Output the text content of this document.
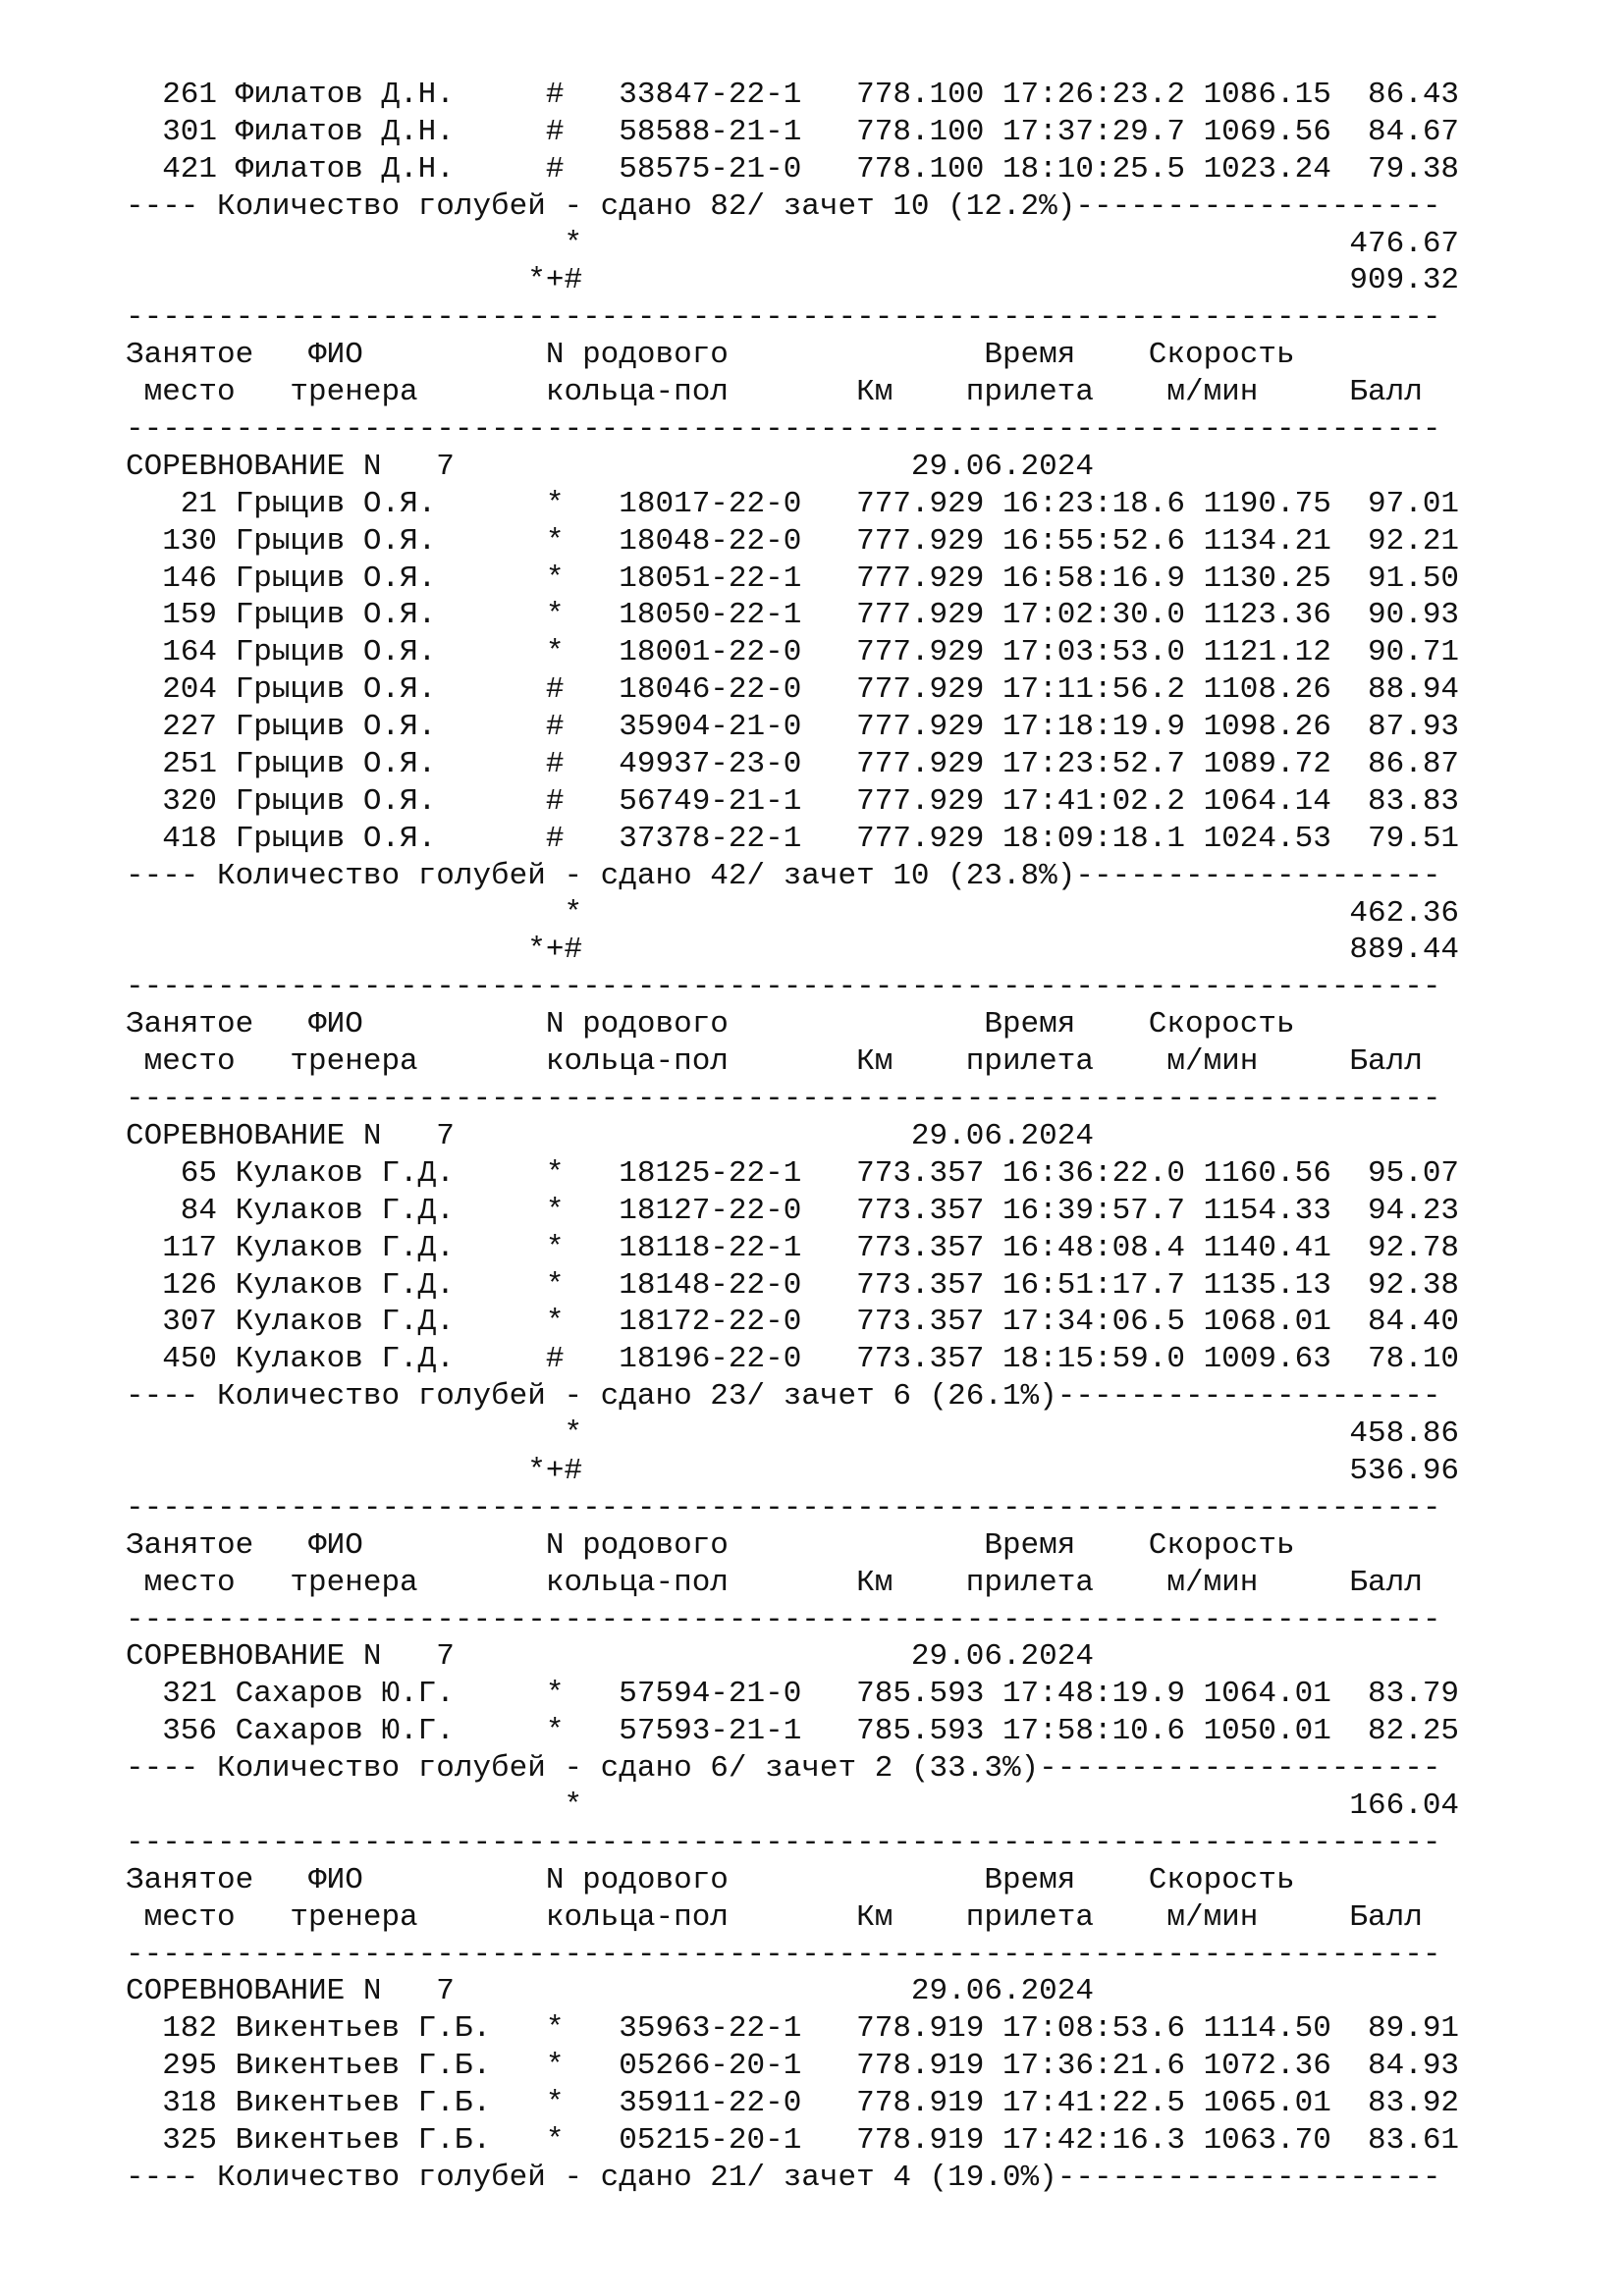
261 Филатов Д.Н.     #   33847-22-1   778.100 17:26:23.2 1086.15  86.43
301 Филатов Д.Н.     #   58588-21-1   778.100 17:37:29.7 1069.56  84.67
421 Филатов Д.Н.     #   58575-21-0   778.100 18:10:25.5 1023.24  79.38
---- Количество голубей - сдано 82/ зачет 10 (12.2%)--------------------
*                                          476.67
*+#                                          909.32
------------------------------------------------------------------------
Занятое   ФИО          N родового              Время    Скорость
место   тренера       кольца-пол       Км    прилета    м/мин     Балл
------------------------------------------------------------------------
СОРЕВНОВАНИЕ N   7                         29.06.2024
21 Грыцив О.Я.      *   18017-22-0   777.929 16:23:18.6 1190.75  97.01
130 Грыцив О.Я.      *   18048-22-0   777.929 16:55:52.6 1134.21  92.21
146 Грыцив О.Я.      *   18051-22-1   777.929 16:58:16.9 1130.25  91.50
159 Грыцив О.Я.      *   18050-22-1   777.929 17:02:30.0 1123.36  90.93
164 Грыцив О.Я.      *   18001-22-0   777.929 17:03:53.0 1121.12  90.71
204 Грыцив О.Я.      #   18046-22-0   777.929 17:11:56.2 1108.26  88.94
227 Грыцив О.Я.      #   35904-21-0   777.929 17:18:19.9 1098.26  87.93
251 Грыцив О.Я.      #   49937-23-0   777.929 17:23:52.7 1089.72  86.87
320 Грыцив О.Я.      #   56749-21-1   777.929 17:41:02.2 1064.14  83.83
418 Грыцив О.Я.      #   37378-22-1   777.929 18:09:18.1 1024.53  79.51
---- Количество голубей - сдано 42/ зачет 10 (23.8%)--------------------
*                                          462.36
*+#                                          889.44
------------------------------------------------------------------------
Занятое   ФИО          N родового              Время    Скорость
место   тренера       кольца-пол       Км    прилета    м/мин     Балл
------------------------------------------------------------------------
СОРЕВНОВАНИЕ N   7                         29.06.2024
65 Кулаков Г.Д.     *   18125-22-1   773.357 16:36:22.0 1160.56  95.07
84 Кулаков Г.Д.     *   18127-22-0   773.357 16:39:57.7 1154.33  94.23
117 Кулаков Г.Д.     *   18118-22-1   773.357 16:48:08.4 1140.41  92.78
126 Кулаков Г.Д.     *   18148-22-0   773.357 16:51:17.7 1135.13  92.38
307 Кулаков Г.Д.     *   18172-22-0   773.357 17:34:06.5 1068.01  84.40
450 Кулаков Г.Д.     #   18196-22-0   773.357 18:15:59.0 1009.63  78.10
---- Количество голубей - сдано 23/ зачет 6 (26.1%)---------------------
*                                          458.86
*+#                                          536.96
------------------------------------------------------------------------
Занятое   ФИО          N родового              Время    Скорость
место   тренера       кольца-пол       Км    прилета    м/мин     Балл
------------------------------------------------------------------------
СОРЕВНОВАНИЕ N   7                         29.06.2024
321 Сахаров Ю.Г.     *   57594-21-0   785.593 17:48:19.9 1064.01  83.79
356 Сахаров Ю.Г.     *   57593-21-1   785.593 17:58:10.6 1050.01  82.25
---- Количество голубей - сдано 6/ зачет 2 (33.3%)----------------------
*                                          166.04
------------------------------------------------------------------------
Занятое   ФИО          N родового              Время    Скорость
место   тренера       кольца-пол       Км    прилета    м/мин     Балл
------------------------------------------------------------------------
СОРЕВНОВАНИЕ N   7                         29.06.2024
182 Викентьев Г.Б.   *   35963-22-1   778.919 17:08:53.6 1114.50  89.91
295 Викентьев Г.Б.   *   05266-20-1   778.919 17:36:21.6 1072.36  84.93
318 Викентьев Г.Б.   *   35911-22-0   778.919 17:41:22.5 1065.01  83.92
325 Викентьев Г.Б.   *   05215-20-1   778.919 17:42:16.3 1063.70  83.61
---- Количество голубей - сдано 21/ зачет 4 (19.0%)---------------------
